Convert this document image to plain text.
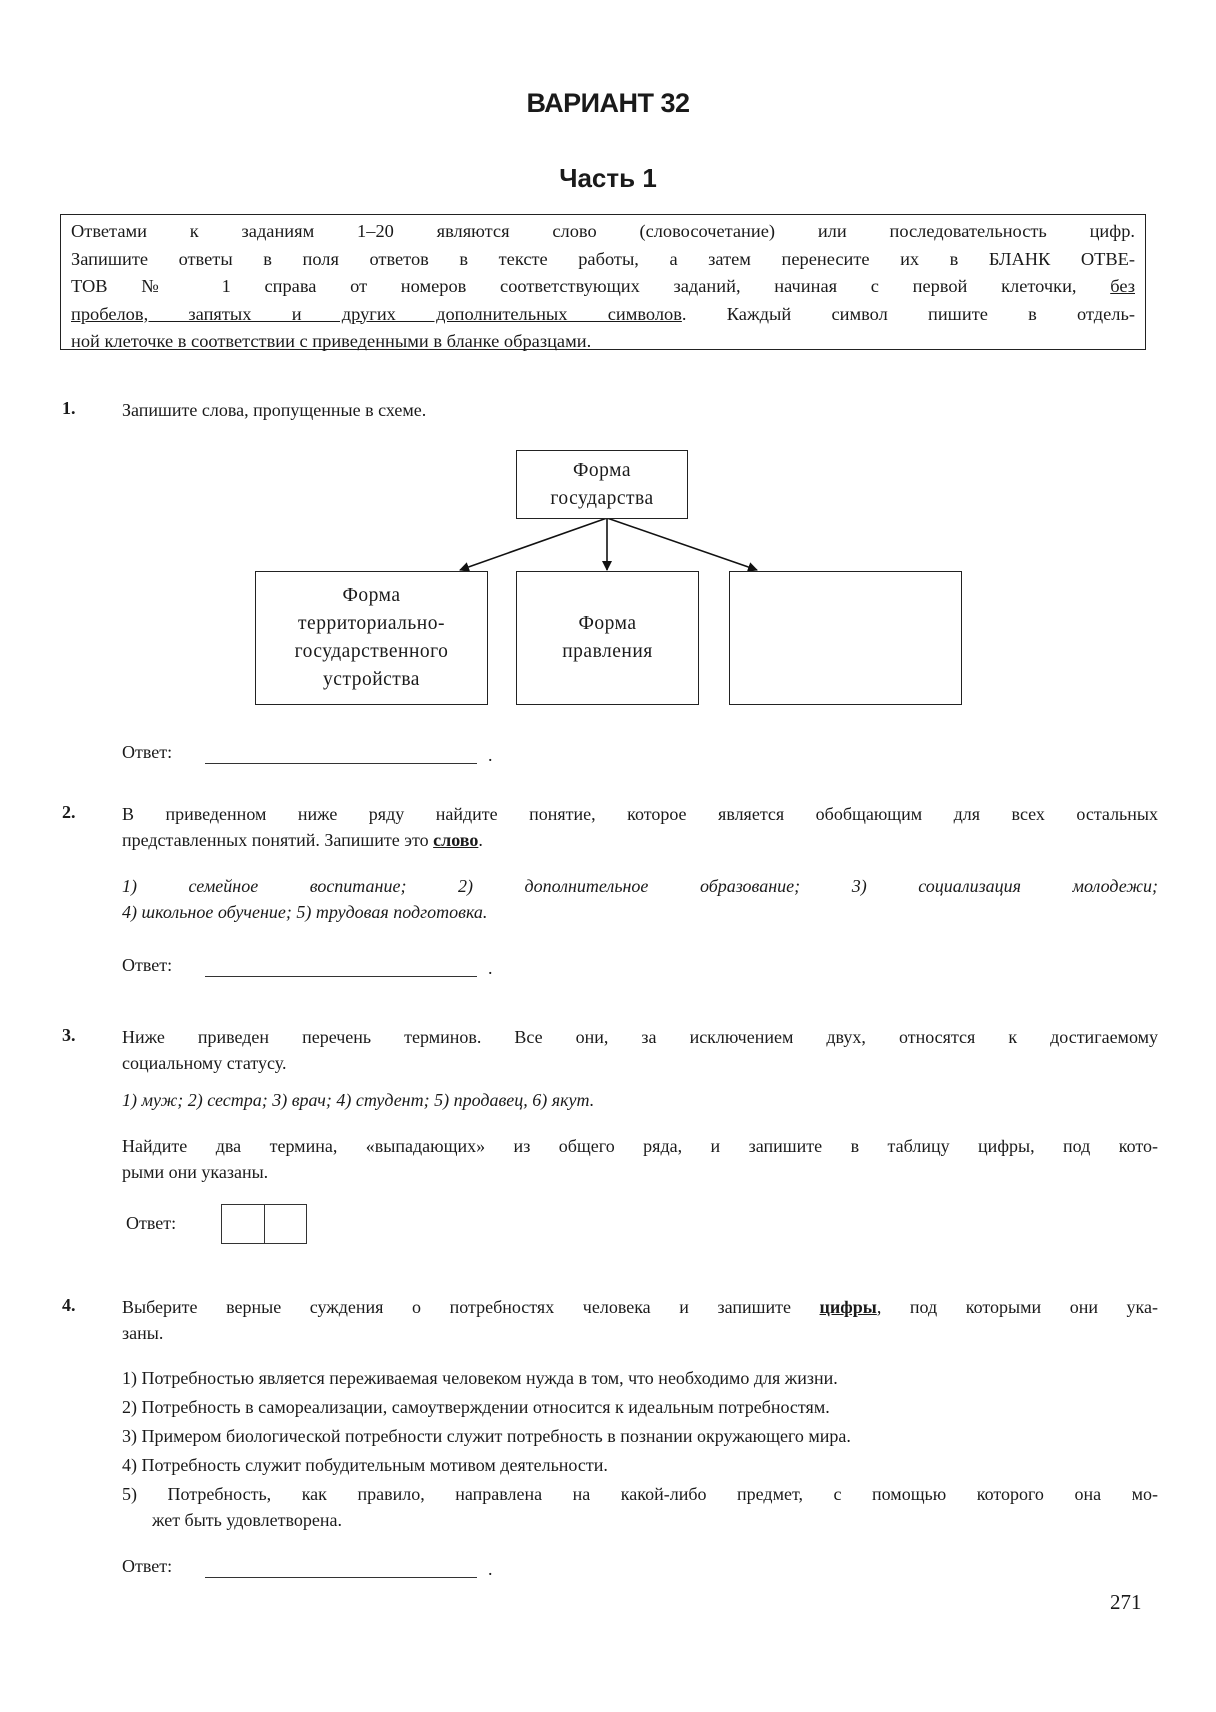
ВАРИАНТ 32
Часть 1
Ответами к заданиям 1–20 являются слово (словосочетание) или последовательность цифр.
Запишите ответы в поля ответов в тексте работы, а затем перенесите их в БЛАНК ОТВЕ-
ТОВ № 1 справа от номеров соответствующих заданий, начиная с первой клеточки, без
пробелов, запятых и других дополнительных символов. Каждый символ пишите в отдель-
ной клеточке в соответствии с приведенными в бланке образцами.
1.	Запишите слова, пропущенные в схеме.
Форма
государства
Форма
территориально-
государственного
устройства
Форма
правления
Ответ:	.
2.	В приведенном ниже ряду найдите понятие, которое является обобщающим для всех остальных
представленных понятий. Запишите это слово.
1) семейное воспитание; 2) дополнительное образование; 3) социализация молодежи;
4) школьное обучение; 5) трудовая подготовка.
Ответ:	.
3.	Ниже приведен перечень терминов. Все они, за исключением двух, относятся к достигаемому
социальному статусу.
1) муж; 2) сестра; 3) врач; 4) студент; 5) продавец, 6) якут.
Найдите два термина, «выпадающих» из общего ряда, и запишите в таблицу цифры, под кото-
рыми они указаны.
Ответ:
4.	Выберите верные суждения о потребностях человека и запишите цифры, под которыми они ука-
заны.
1) Потребностью является переживаемая человеком нужда в том, что необходимо для жизни.
2) Потребность в самореализации, самоутверждении относится к идеальным потребностям.
3) Примером биологической потребности служит потребность в познании окружающего мира.
4) Потребность служит побудительным мотивом деятельности.
5) Потребность, как правило, направлена на какой-либо предмет, с помощью которого она мо-
жет быть удовлетворена.
Ответ:	.
271
